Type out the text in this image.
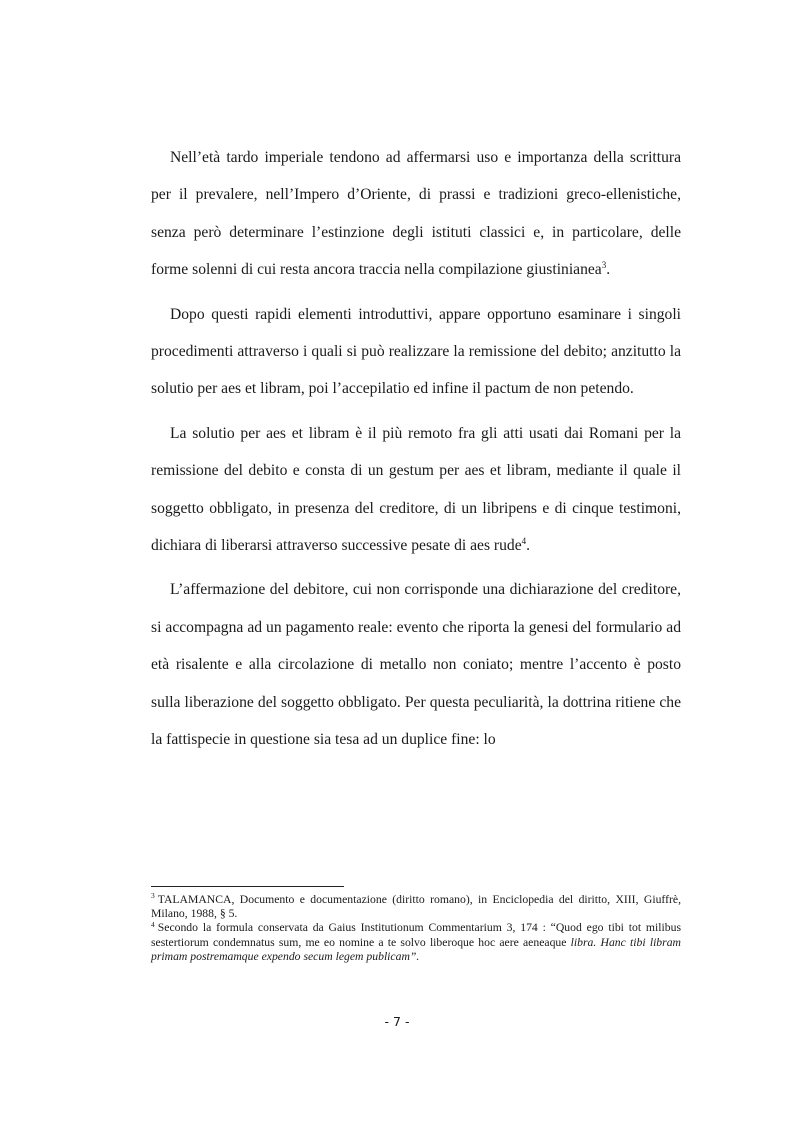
Nell’età tardo imperiale tendono ad affermarsi uso e importanza della scrittura per il prevalere, nell’Impero d’Oriente, di prassi e tradizioni greco-ellenistiche, senza però determinare l’estinzione degli istituti classici e, in particolare, delle forme solenni di cui resta ancora traccia nella compilazione giustinianea$^3$.

Dopo questi rapidi elementi introduttivi, appare opportuno esaminare i singoli procedimenti attraverso i quali si può realizzare la remissione del debito; anzitutto la solutio per aes et libram, poi l’accepilatio ed infine il pactum de non petendo.

La solutio per aes et libram è il più remoto fra gli atti usati dai Romani per la remissione del debito e consta di un gestum per aes et libram, mediante il quale il soggetto obbligato, in presenza del creditore, di un libripens e di cinque testimoni, dichiara di liberarsi attraverso successive pesate di aes rude$^4$.

L’affermazione del debitore, cui non corrisponde una dichiarazione del creditore, si accompagna ad un pagamento reale: evento che riporta la genesi del formulario ad età risalente e alla circolazione di metallo non coniato; mentre l’accento è posto sulla liberazione del soggetto obbligato. Per questa peculiarità, la dottrina ritiene che la fattispecie in questione sia tesa ad un duplice fine: lo

$^3$ TALAMANCA, Documento e documentazione (diritto romano), in Enciclopedia del diritto, XIII, Giuffrè, Milano, 1988, § 5.

$^4$ Secondo la formula conservata da Gaius Institutionum Commentarium 3, 174 : “Quod ego tibi tot milibus sestertiorum condemnatus sum, me eo nomine a te solvo liberoque hoc aere aeneaque libra. Hanc tibi libram primam postremamque expendo secum legem publicam”.

- 7 -
